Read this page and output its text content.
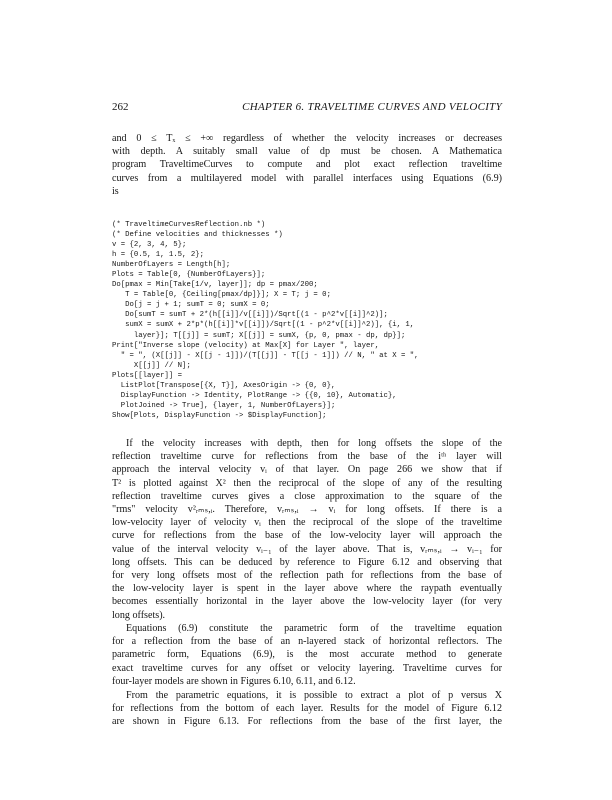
262	CHAPTER 6. TRAVELTIME CURVES AND VELOCITY

and 0 ≤ Tₓ ≤ +∞ regardless of whether the velocity increases or decreases
with depth. A suitably small value of dp must be chosen. A Mathematica
program TraveltimeCurves to compute and plot exact reflection traveltime
curves from a multilayered model with parallel interfaces using Equations (6.9)
is

(* TraveltimeCurvesReflection.nb *)
(* Define velocities and thicknesses *)
v = {2, 3, 4, 5};
h = {0.5, 1, 1.5, 2};
NumberOfLayers = Length[h];
Plots = Table[0, {NumberOfLayers}];
Do[pmax = Min[Take[1/v, layer]]; dp = pmax/200;
T = Table[0, {Ceiling[pmax/dp]}]; X = T; j = 0;
Do[j = j + 1; sumT = 0; sumX = 0;
Do[sumT = sumT + 2*(h[[i]]/v[[i]])/Sqrt[(1 - p^2*v[[i]]^2)];
sumX = sumX + 2*p*(h[[i]]*v[[i]])/Sqrt[(1 - p^2*v[[i]]^2)], {i, 1,
layer}]; T[[j]] = sumT; X[[j]] = sumX, {p, 0, pmax - dp, dp}];
Print["Inverse slope (velocity) at Max[X] for Layer ", layer,
" = ", (X[[j]] - X[[j - 1]])/(T[[j]] - T[[j - 1]]) // N, " at X = ",
X[[j]] // N];
Plots[[layer]] =
ListPlot[Transpose[{X, T}], AxesOrigin -> {0, 0},
DisplayFunction -> Identity, PlotRange -> {{0, 10}, Automatic},
PlotJoined -> True], {layer, 1, NumberOfLayers}];
Show[Plots, DisplayFunction -> $DisplayFunction];

If the velocity increases with depth, then for long offsets the slope of the
reflection traveltime curve for reflections from the base of the iᵗʰ layer will
approach the interval velocity vᵢ of that layer. On page 266 we show that if
T² is plotted against X² then the reciprocal of the slope of any of the resulting
reflection traveltime curves gives a close approximation to the square of the
"rms" velocity v²ᵣₘₛ,ᵢ. Therefore, vᵣₘₛ,ᵢ → vᵢ for long offsets. If there is a
low-velocity layer of velocity vᵢ then the reciprocal of the slope of the traveltime
curve for reflections from the base of the low-velocity layer will approach the
value of the interval velocity vᵢ₋₁ of the layer above. That is, vᵣₘₛ,ᵢ → vᵢ₋₁ for
long offsets. This can be deduced by reference to Figure 6.12 and observing that
for very long offsets most of the reflection path for reflections from the base of
the low-velocity layer is spent in the layer above where the raypath eventually
becomes essentially horizontal in the layer above the low-velocity layer (for very
long offsets).

Equations (6.9) constitute the parametric form of the traveltime equation
for a reflection from the base of an n-layered stack of horizontal reflectors. The
parametric form, Equations (6.9), is the most accurate method to generate
exact traveltime curves for any offset or velocity layering. Traveltime curves for
four-layer models are shown in Figures 6.10, 6.11, and 6.12.

From the parametric equations, it is possible to extract a plot of p versus X
for reflections from the bottom of each layer. Results for the model of Figure 6.12
are shown in Figure 6.13. For reflections from the base of the first layer, the
